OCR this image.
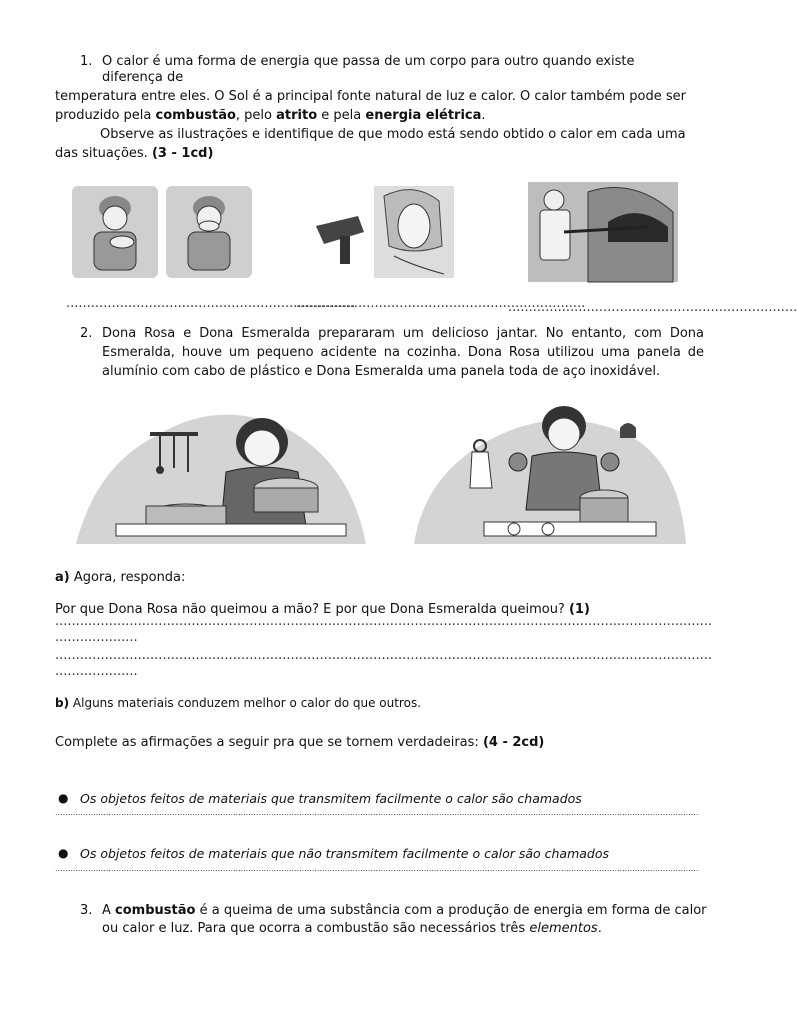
1. O calor é uma forma de energia que passa de um corpo para outro quando existe
diferença de
temperatura entre eles. O Sol é a principal fonte natural de luz e calor. O calor também pode ser
produzido pela combustão, pelo atrito e pela energia elétrica.
Observe as ilustrações e identifique de que modo está sendo obtido o calor em cada uma
das situações. (3 - 1cd)
......................................................................
......................................................................
......................................................................
2. Dona Rosa e Dona Esmeralda prepararam um delicioso jantar. No entanto, com Dona
Esmeralda, houve um pequeno acidente na cozinha. Dona Rosa utilizou uma panela de
alumínio com cabo de plástico e Dona Esmeralda uma panela toda de aço inoxidável.
a) Agora, responda:
Por que Dona Rosa não queimou a mão? E por que Dona Esmeralda queimou? (1)
...............................................................................................................................................................
....................
...............................................................................................................................................................
....................
b) Alguns materiais conduzem melhor o calor do que outros.
Complete as afirmações a seguir pra que se tornem verdadeiras: (4 - 2cd)
● Os objetos feitos de materiais que transmitem facilmente o calor são chamados
.............................................................................................................................................................................................................................................................
● Os objetos feitos de materiais que não transmitem facilmente o calor são chamados
.............................................................................................................................................................................................................................................................
3. A combustão é a queima de uma substância com a produção de energia em forma de calor
ou calor e luz. Para que ocorra a combustão são necessários três elementos.
